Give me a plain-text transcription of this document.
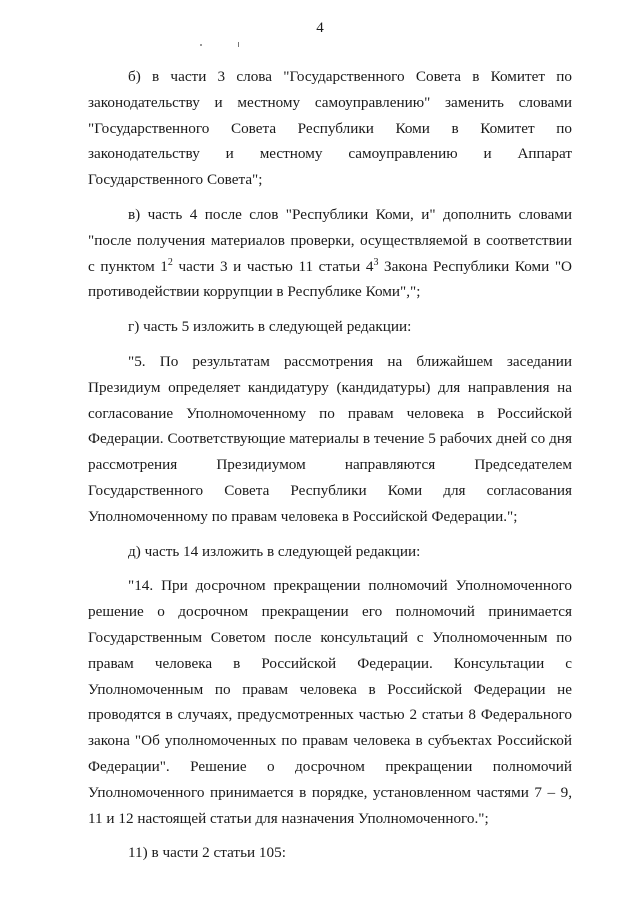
4

б) в части 3 слова "Государственного Совета в Комитет по законодательству и местному самоуправлению" заменить словами "Государственного Совета Республики Коми в Комитет по законодательству и местному самоуправлению и Аппарат Государственного Совета";

в) часть 4 после слов "Республики Коми, и" дополнить словами "после получения материалов проверки, осуществляемой в соответствии с пунктом $1^2$ части 3 и частью 11 статьи $4^3$ Закона Республики Коми "О противодействии коррупции в Республике Коми",";

г) часть 5 изложить в следующей редакции:

"5. По результатам рассмотрения на ближайшем заседании Президиум определяет кандидатуру (кандидатуры) для направления на согласование Уполномоченному по правам человека в Российской Федерации. Соответствующие материалы в течение 5 рабочих дней со дня рассмотрения Президиумом направляются Председателем Государственного Совета Республики Коми для согласования Уполномоченному по правам человека в Российской Федерации.";

д) часть 14 изложить в следующей редакции:

"14. При досрочном прекращении полномочий Уполномоченного решение о досрочном прекращении его полномочий принимается Государственным Советом после консультаций с Уполномоченным по правам человека в Российской Федерации. Консультации с Уполномоченным по правам человека в Российской Федерации не проводятся в случаях, предусмотренных частью 2 статьи 8 Федерального закона "Об уполномоченных по правам человека в субъектах Российской Федерации". Решение о досрочном прекращении полномочий Уполномоченного принимается в порядке, установленном частями 7 – 9, 11 и 12 настоящей статьи для назначения Уполномоченного.";

11) в части 2 статьи 105:
